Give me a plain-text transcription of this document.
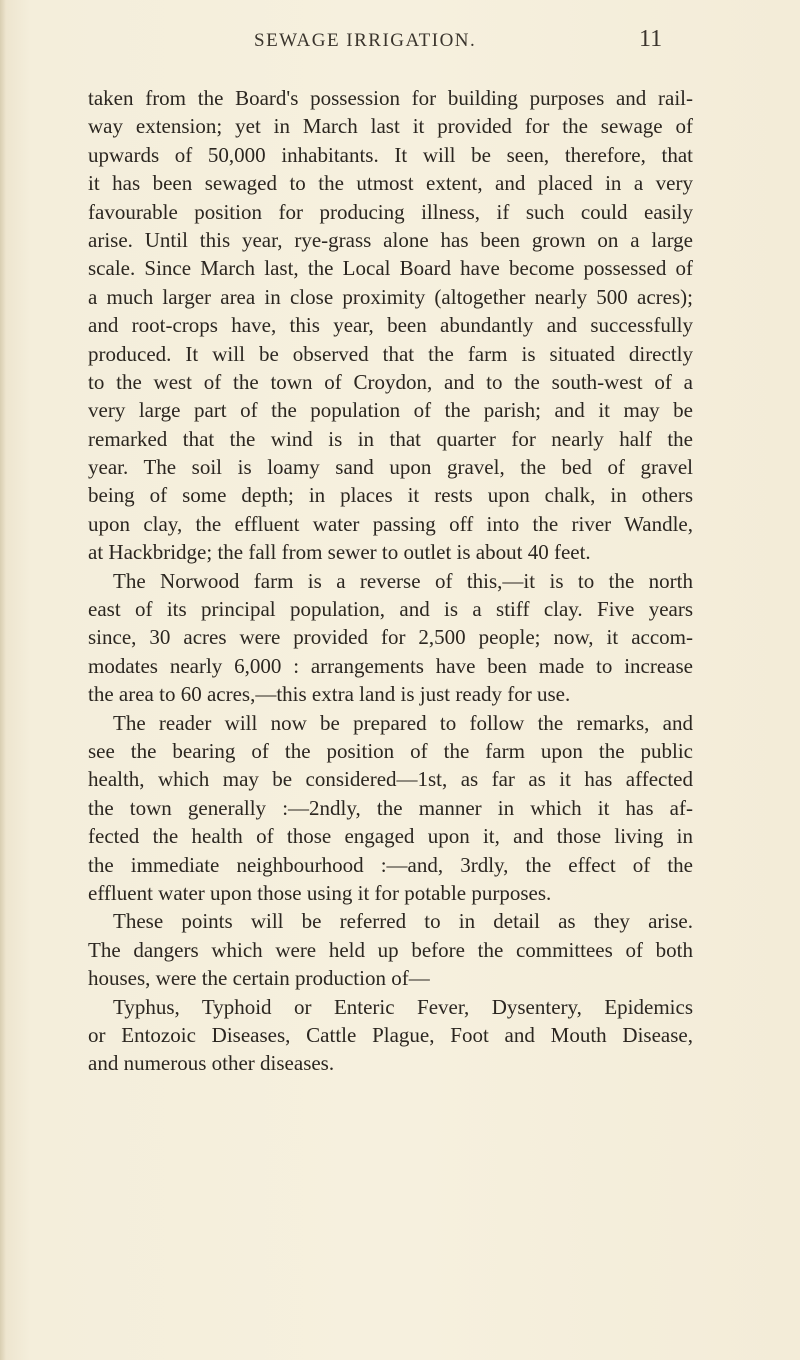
SEWAGE IRRIGATION.	11
taken from the Board's possession for building purposes and rail-
way extension; yet in March last it provided for the sewage of
upwards of 50,000 inhabitants. It will be seen, therefore, that
it has been sewaged to the utmost extent, and placed in a very
favourable position for producing illness, if such could easily
arise. Until this year, rye-grass alone has been grown on a large
scale. Since March last, the Local Board have become possessed of
a much larger area in close proximity (altogether nearly 500 acres);
and root-crops have, this year, been abundantly and successfully
produced. It will be observed that the farm is situated directly
to the west of the town of Croydon, and to the south-west of a
very large part of the population of the parish; and it may be
remarked that the wind is in that quarter for nearly half the
year. The soil is loamy sand upon gravel, the bed of gravel
being of some depth; in places it rests upon chalk, in others
upon clay, the effluent water passing off into the river Wandle,
at Hackbridge; the fall from sewer to outlet is about 40 feet.
The Norwood farm is a reverse of this,—it is to the north
east of its principal population, and is a stiff clay. Five years
since, 30 acres were provided for 2,500 people; now, it accom-
modates nearly 6,000 : arrangements have been made to increase
the area to 60 acres,—this extra land is just ready for use.
The reader will now be prepared to follow the remarks, and
see the bearing of the position of the farm upon the public
health, which may be considered—1st, as far as it has affected
the town generally :—2ndly, the manner in which it has af-
fected the health of those engaged upon it, and those living in
the immediate neighbourhood :—and, 3rdly, the effect of the
effluent water upon those using it for potable purposes.
These points will be referred to in detail as they arise.
The dangers which were held up before the committees of both
houses, were the certain production of—
Typhus, Typhoid or Enteric Fever, Dysentery, Epidemics
or Entozoic Diseases, Cattle Plague, Foot and Mouth Disease,
and numerous other diseases.
